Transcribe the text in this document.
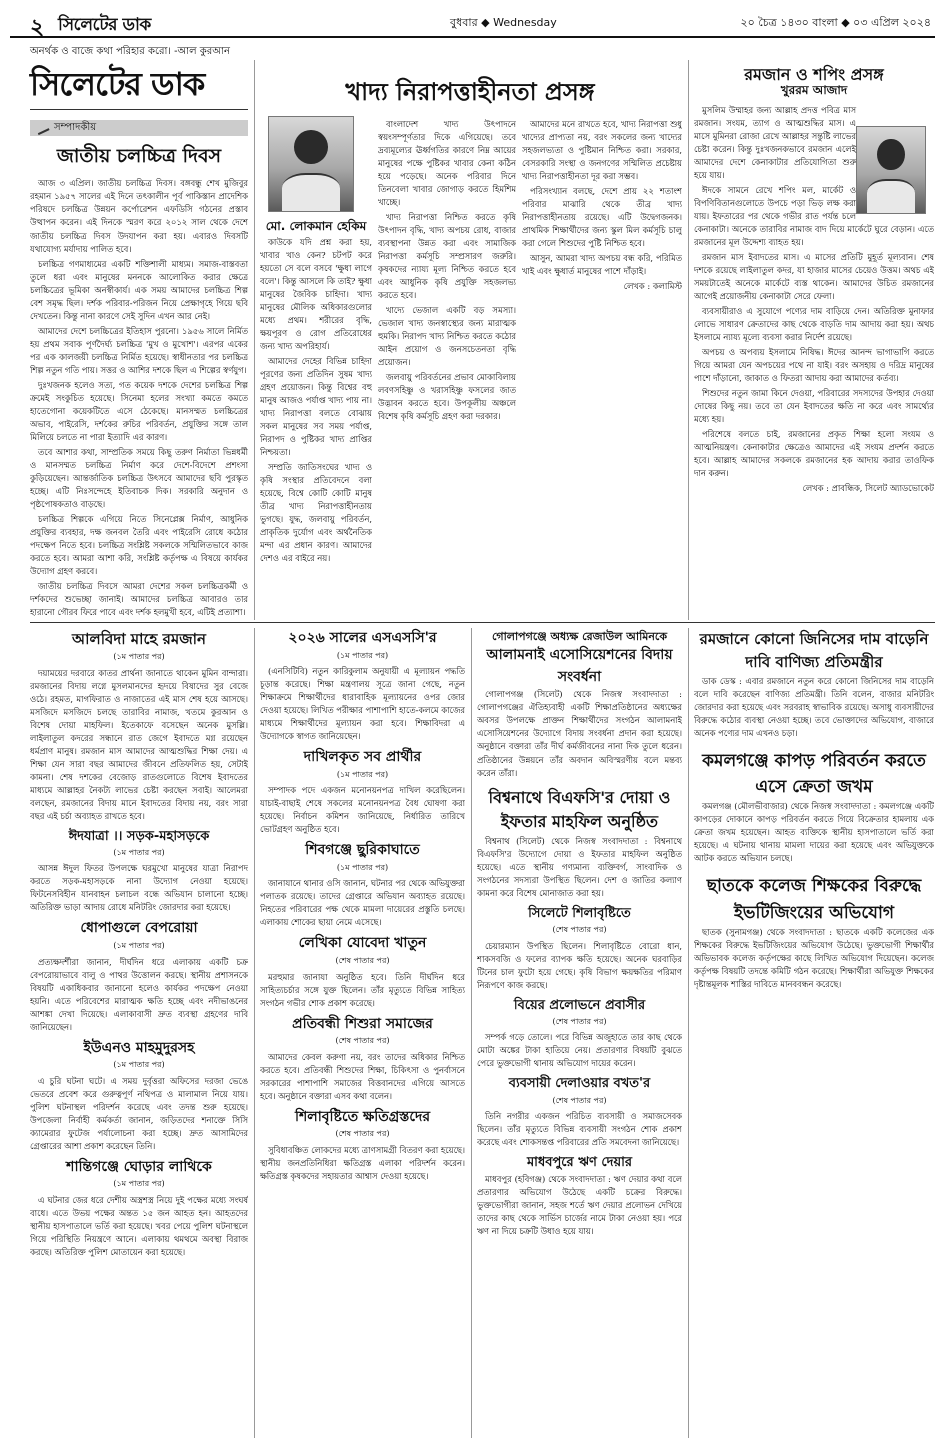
২ সিলেটের ডাক	বুধবার ◆ Wednesday	২০ চৈত্র ১৪৩০ বাংলা ◆ ০৩ এপ্রিল ২০২৪
অনর্থক ও বাজে কথা পরিহার করো। -আল কুরআন
সিলেটের ডাক
সম্পাদকীয়
জাতীয় চলচ্চিত্র দিবস

আজ ৩ এপ্রিল। জাতীয় চলচ্চিত্র দিবস। বঙ্গবন্ধু শেখ মুজিবুর রহমান ১৯৫৭ সালের এই দিনে তৎকালীন পূর্ব পাকিস্তান প্রাদেশিক পরিষদে চলচ্চিত্র উন্নয়ন কর্পোরেশন এফডিসি গঠনের প্রস্তাব উত্থাপন করেন। এই দিনকে স্মরণ করে ২০১২ সাল থেকে দেশে জাতীয় চলচ্চিত্র দিবস উদযাপন করা হয়। এবারও দিবসটি যথাযোগ্য মর্যাদায় পালিত হবে।

চলচ্চিত্র গণমাধ্যমের একটি শক্তিশালী মাধ্যম। সমাজ-বাস্তবতা তুলে ধরা এবং মানুষের মননকে আলোকিত করার ক্ষেত্রে চলচ্চিত্রের ভূমিকা অনস্বীকার্য। এক সময় আমাদের চলচ্চিত্র শিল্প বেশ সমৃদ্ধ ছিল। দর্শক পরিবার-পরিজন নিয়ে প্রেক্ষাগৃহে গিয়ে ছবি দেখতেন। কিন্তু নানা কারণে সেই সুদিন এখন আর নেই।

আমাদের দেশে চলচ্চিত্রের ইতিহাস পুরনো। ১৯৫৬ সালে নির্মিত হয় প্রথম সবাক পূর্ণদৈর্ঘ্য চলচ্চিত্র 'মুখ ও মুখোশ'। এরপর একের পর এক কালজয়ী চলচ্চিত্র নির্মিত হয়েছে। স্বাধীনতার পর চলচ্চিত্র শিল্প নতুন গতি পায়। সত্তর ও আশির দশকে ছিল এ শিল্পের স্বর্ণযুগ।

দুঃখজনক হলেও সত্য, গত কয়েক দশকে দেশের চলচ্চিত্র শিল্প ক্রমেই সংকুচিত হয়েছে। সিনেমা হলের সংখ্যা কমতে কমতে হাতেগোনা কয়েকটিতে এসে ঠেকেছে। মানসম্মত চলচ্চিত্রের অভাব, পাইরেসি, দর্শকের রুচির পরিবর্তন, প্রযুক্তির সঙ্গে তাল মিলিয়ে চলতে না পারা ইত্যাদি এর কারণ।

তবে আশার কথা, সাম্প্রতিক সময়ে কিছু তরুণ নির্মাতা ভিন্নধর্মী ও মানসম্মত চলচ্চিত্র নির্মাণ করে দেশে-বিদেশে প্রশংসা কুড়িয়েছেন। আন্তর্জাতিক চলচ্চিত্র উৎসবে আমাদের ছবি পুরস্কৃত হচ্ছে। এটি নিঃসন্দেহে ইতিবাচক দিক। সরকারি অনুদান ও পৃষ্ঠপোষকতাও বাড়ছে।

চলচ্চিত্র শিল্পকে এগিয়ে নিতে সিনেপ্লেক্স নির্মাণ, আধুনিক প্রযুক্তির ব্যবহার, দক্ষ জনবল তৈরি এবং পাইরেসি রোধে কঠোর পদক্ষেপ নিতে হবে। চলচ্চিত্র সংশ্লিষ্ট সকলকে সম্মিলিতভাবে কাজ করতে হবে। আমরা আশা করি, সংশ্লিষ্ট কর্তৃপক্ষ এ বিষয়ে কার্যকর উদ্যোগ গ্রহণ করবে।

জাতীয় চলচ্চিত্র দিবসে আমরা দেশের সকল চলচ্চিত্রকর্মী ও দর্শকদের শুভেচ্ছা জানাই। আমাদের চলচ্চিত্র আবারও তার হারানো গৌরব ফিরে পাবে এবং দর্শক হলমুখী হবে, এটিই প্রত্যাশা।

খাদ্য নিরাপত্তাহীনতা প্রসঙ্গ
মো. লোকমান হেকিম

কাউকে যদি প্রশ্ন করা হয়, খাবার খাও কেন? চটপট করে হয়তো সে বলে বসবে 'ক্ষুধা লাগে বলে'। কিন্তু আসলে কি তাই? ক্ষুধা মানুষের জৈবিক চাহিদা। খাদ্য মানুষের মৌলিক অধিকারগুলোর মধ্যে প্রথম। শরীরের বৃদ্ধি, ক্ষয়পূরণ ও রোগ প্রতিরোধের জন্য খাদ্য অপরিহার্য।

আমাদের দেহের বিভিন্ন চাহিদা পূরণের জন্য প্রতিদিন সুষম খাদ্য গ্রহণ প্রয়োজন। কিন্তু বিশ্বের বহু মানুষ আজও পর্যাপ্ত খাদ্য পায় না। খাদ্য নিরাপত্তা বলতে বোঝায় সকল মানুষের সব সময় পর্যাপ্ত, নিরাপদ ও পুষ্টিকর খাদ্য প্রাপ্তির নিশ্চয়তা।

সম্প্রতি জাতিসংঘের খাদ্য ও কৃষি সংস্থার প্রতিবেদনে বলা হয়েছে, বিশ্বে কোটি কোটি মানুষ তীব্র খাদ্য নিরাপত্তাহীনতায় ভুগছে। যুদ্ধ, জলবায়ু পরিবর্তন, প্রাকৃতিক দুর্যোগ এবং অর্থনৈতিক মন্দা এর প্রধান কারণ। আমাদের দেশও এর বাইরে নয়।

বাংলাদেশ খাদ্য উৎপাদনে স্বয়ংসম্পূর্ণতার দিকে এগিয়েছে। তবে দ্রব্যমূল্যের ঊর্ধ্বগতির কারণে নিম্ন আয়ের মানুষের পক্ষে পুষ্টিকর খাবার কেনা কঠিন হয়ে পড়েছে। অনেক পরিবার দিনে তিনবেলা খাবার জোগাড় করতে হিমশিম খাচ্ছে।

খাদ্য নিরাপত্তা নিশ্চিত করতে কৃষি উৎপাদন বৃদ্ধি, খাদ্য অপচয় রোধ, বাজার ব্যবস্থাপনা উন্নত করা এবং সামাজিক নিরাপত্তা কর্মসূচি সম্প্রসারণ জরুরি। কৃষকদের ন্যায্য মূল্য নিশ্চিত করতে হবে এবং আধুনিক কৃষি প্রযুক্তি সহজলভ্য করতে হবে।

খাদ্যে ভেজাল একটি বড় সমস্যা। ভেজাল খাদ্য জনস্বাস্থ্যের জন্য মারাত্মক হুমকি। নিরাপদ খাদ্য নিশ্চিত করতে কঠোর আইন প্রয়োগ ও জনসচেতনতা বৃদ্ধি প্রয়োজন।

জলবায়ু পরিবর্তনের প্রভাব মোকাবিলায় লবণসহিষ্ণু ও খরাসহিষ্ণু ফসলের জাত উদ্ভাবন করতে হবে। উপকূলীয় অঞ্চলে বিশেষ কৃষি কর্মসূচি গ্রহণ করা দরকার।

আমাদের মনে রাখতে হবে, খাদ্য নিরাপত্তা শুধু খাদ্যের প্রাপ্যতা নয়, বরং সকলের জন্য খাদ্যের সহজলভ্যতা ও পুষ্টিমান নিশ্চিত করা। সরকার, বেসরকারি সংস্থা ও জনগণের সম্মিলিত প্রচেষ্টায় খাদ্য নিরাপত্তাহীনতা দূর করা সম্ভব।

পরিসংখ্যান বলছে, দেশে প্রায় ২২ শতাংশ পরিবার মাঝারি থেকে তীব্র খাদ্য নিরাপত্তাহীনতায় রয়েছে। এটি উদ্বেগজনক। প্রাথমিক শিক্ষার্থীদের জন্য স্কুল মিল কর্মসূচি চালু করা গেলে শিশুদের পুষ্টি নিশ্চিত হবে।

আসুন, আমরা খাদ্য অপচয় বন্ধ করি, পরিমিত খাই এবং ক্ষুধার্ত মানুষের পাশে দাঁড়াই।

লেখক : কলামিস্ট

রমজান ও শপিং প্রসঙ্গ
খুররম আজাদ

মুসলিম উম্মাহর জন্য আল্লাহ প্রদত্ত পবিত্র মাস রমজান। সংযম, ত্যাগ ও আত্মশুদ্ধির মাস। এ মাসে মুমিনরা রোজা রেখে আল্লাহর সন্তুষ্টি লাভের চেষ্টা করেন। কিন্তু দুঃখজনকভাবে রমজান এলেই আমাদের দেশে কেনাকাটার প্রতিযোগিতা শুরু হয়ে যায়।

ঈদকে সামনে রেখে শপিং মল, মার্কেট ও বিপণিবিতানগুলোতে উপচে পড়া ভিড় লক্ষ করা যায়। ইফতারের পর থেকে গভীর রাত পর্যন্ত চলে কেনাকাটা। অনেকে তারাবির নামাজ বাদ দিয়ে মার্কেটে ঘুরে বেড়ান। এতে রমজানের মূল উদ্দেশ্য ব্যাহত হয়।

রমজান মাস ইবাদতের মাস। এ মাসের প্রতিটি মুহূর্ত মূল্যবান। শেষ দশকে রয়েছে লাইলাতুল কদর, যা হাজার মাসের চেয়েও উত্তম। অথচ এই সময়টাতেই অনেকে মার্কেটে ব্যস্ত থাকেন। আমাদের উচিত রমজানের আগেই প্রয়োজনীয় কেনাকাটা সেরে ফেলা।

ব্যবসায়ীরাও এ সুযোগে পণ্যের দাম বাড়িয়ে দেন। অতিরিক্ত মুনাফার লোভে সাধারণ ক্রেতাদের কাছ থেকে বাড়তি দাম আদায় করা হয়। অথচ ইসলামে ন্যায্য মূল্যে ব্যবসা করার নির্দেশ রয়েছে।

অপচয় ও অপব্যয় ইসলামে নিষিদ্ধ। ঈদের আনন্দ ভাগাভাগি করতে গিয়ে আমরা যেন অপচয়ের পথে না যাই। বরং অসহায় ও দরিদ্র মানুষের পাশে দাঁড়ানো, জাকাত ও ফিতরা আদায় করা আমাদের কর্তব্য।

শিশুদের নতুন জামা কিনে দেওয়া, পরিবারের সদস্যদের উপহার দেওয়া দোষের কিছু নয়। তবে তা যেন ইবাদতের ক্ষতি না করে এবং সামর্থ্যের মধ্যে হয়।

পরিশেষে বলতে চাই, রমজানের প্রকৃত শিক্ষা হলো সংযম ও আত্মনিয়ন্ত্রণ। কেনাকাটার ক্ষেত্রেও আমাদের এই সংযম প্রদর্শন করতে হবে। আল্লাহ আমাদের সকলকে রমজানের হক আদায় করার তাওফিক দান করুন।

লেখক : প্রাবন্ধিক, সিলেট অ্যাডভোকেট

আলবিদা মাহে রমজান
(১ম পাতার পর)

দয়াময়ের দরবারে কাতর প্রার্থনা জানাতে থাকেন মুমিন বান্দারা। রমজানের বিদায় লগ্নে মুসলমানদের হৃদয়ে বিষাদের সুর বেজে ওঠে। রহমত, মাগফিরাত ও নাজাতের এই মাস শেষ হয়ে আসছে। মসজিদে মসজিদে চলছে তারাবির নামাজ, খতমে কুরআন ও বিশেষ দোয়া মাহফিল। ইতেকাফে বসেছেন অনেক মুসল্লি। লাইলাতুল কদরের সন্ধানে রাত জেগে ইবাদতে মগ্ন রয়েছেন ধর্মপ্রাণ মানুষ। রমজান মাস আমাদের আত্মশুদ্ধির শিক্ষা দেয়। এ শিক্ষা যেন সারা বছর আমাদের জীবনে প্রতিফলিত হয়, সেটাই কামনা। শেষ দশকের বেজোড় রাতগুলোতে বিশেষ ইবাদতের মাধ্যমে আল্লাহর নৈকট্য লাভের চেষ্টা করছেন সবাই। আলেমরা বলছেন, রমজানের বিদায় মানে ইবাদতের বিদায় নয়, বরং সারা বছর এই চর্চা অব্যাহত রাখতে হবে।

ঈদযাত্রা ।। সড়ক-মহাসড়কে
(১ম পাতার পর)

আসন্ন ঈদুল ফিতর উপলক্ষে ঘরমুখো মানুষের যাত্রা নিরাপদ করতে সড়ক-মহাসড়কে নানা উদ্যোগ নেওয়া হয়েছে। ফিটনেসবিহীন যানবাহন চলাচল বন্ধে অভিযান চালানো হচ্ছে। অতিরিক্ত ভাড়া আদায় রোধে মনিটরিং জোরদার করা হয়েছে।

ধোপাগুলে বেপরোয়া
(১ম পাতার পর)

প্রত্যক্ষদর্শীরা জানান, দীর্ঘদিন ধরে এলাকায় একটি চক্র বেপরোয়াভাবে বালু ও পাথর উত্তোলন করছে। স্থানীয় প্রশাসনকে বিষয়টি একাধিকবার জানানো হলেও কার্যকর পদক্ষেপ নেওয়া হয়নি। এতে পরিবেশের মারাত্মক ক্ষতি হচ্ছে এবং নদীভাঙনের আশঙ্কা দেখা দিয়েছে। এলাকাবাসী দ্রুত ব্যবস্থা গ্রহণের দাবি জানিয়েছেন।

ইউএনও মাহমুদুরসহ
(১ম পাতার পর)

এ চুরি ঘটনা ঘটে। এ সময় দুর্বৃত্তরা অফিসের দরজা ভেঙে ভেতরে প্রবেশ করে গুরুত্বপূর্ণ নথিপত্র ও মালামাল নিয়ে যায়। পুলিশ ঘটনাস্থল পরিদর্শন করেছে এবং তদন্ত শুরু হয়েছে। উপজেলা নির্বাহী কর্মকর্তা জানান, জড়িতদের শনাক্তে সিসি ক্যামেরার ফুটেজ পর্যালোচনা করা হচ্ছে। দ্রুত আসামিদের গ্রেপ্তারের আশা প্রকাশ করেছেন তিনি।

শান্তিগঞ্জে ঘোড়ার লাথিকে
(১ম পাতার পর)

এ ঘটনার জের ধরে দেশীয় অস্ত্রশস্ত্র নিয়ে দুই পক্ষের মধ্যে সংঘর্ষ বাধে। এতে উভয় পক্ষের অন্তত ১৫ জন আহত হন। আহতদের স্থানীয় হাসপাতালে ভর্তি করা হয়েছে। খবর পেয়ে পুলিশ ঘটনাস্থলে গিয়ে পরিস্থিতি নিয়ন্ত্রণে আনে। এলাকায় থমথমে অবস্থা বিরাজ করছে। অতিরিক্ত পুলিশ মোতায়েন করা হয়েছে।

২০২৬ সালের এসএসসি'র
(১ম পাতার পর)

(এনসিটিবি) নতুন কারিকুলাম অনুযায়ী এ মূল্যায়ন পদ্ধতি চূড়ান্ত করেছে। শিক্ষা মন্ত্রণালয় সূত্রে জানা গেছে, নতুন শিক্ষাক্রমে শিক্ষার্থীদের ধারাবাহিক মূল্যায়নের ওপর জোর দেওয়া হয়েছে। লিখিত পরীক্ষার পাশাপাশি হাতে-কলমে কাজের মাধ্যমে শিক্ষার্থীদের মূল্যায়ন করা হবে। শিক্ষাবিদরা এ উদ্যোগকে স্বাগত জানিয়েছেন।

দাখিলকৃত সব প্রার্থীর
(১ম পাতার পর)

সম্পাদক পদে একজন মনোনয়নপত্র দাখিল করেছিলেন। যাচাই-বাছাই শেষে সকলের মনোনয়নপত্র বৈধ ঘোষণা করা হয়েছে। নির্বাচন কমিশন জানিয়েছে, নির্ধারিত তারিখে ভোটগ্রহণ অনুষ্ঠিত হবে।

শিবগঞ্জে ছুরিকাঘাতে
(১ম পাতার পর)

জানাযানে থানার ওসি জানান, ঘটনার পর থেকে অভিযুক্তরা পলাতক রয়েছে। তাদের গ্রেপ্তারে অভিযান অব্যাহত রয়েছে। নিহতের পরিবারের পক্ষ থেকে মামলা দায়েরের প্রস্তুতি চলছে। এলাকায় শোকের ছায়া নেমে এসেছে।

লেখিকা যোবেদা খাতুন
(শেষ পাতার পর)

মরহুমার জানাযা অনুষ্ঠিত হবে। তিনি দীর্ঘদিন ধরে সাহিত্যচর্চার সঙ্গে যুক্ত ছিলেন। তাঁর মৃত্যুতে বিভিন্ন সাহিত্য সংগঠন গভীর শোক প্রকাশ করেছে।

প্রতিবন্ধী শিশুরা সমাজের
(শেষ পাতার পর)

আমাদের কেবল করুণা নয়, বরং তাদের অধিকার নিশ্চিত করতে হবে। প্রতিবন্ধী শিশুদের শিক্ষা, চিকিৎসা ও পুনর্বাসনে সরকারের পাশাপাশি সমাজের বিত্তবানদের এগিয়ে আসতে হবে। অনুষ্ঠানে বক্তারা এসব কথা বলেন।

শিলাবৃষ্টিতে ক্ষতিগ্রস্তদের
(শেষ পাতার পর)

সুবিধাবঞ্চিত লোকদের মধ্যে ত্রাণসামগ্রী বিতরণ করা হয়েছে। স্থানীয় জনপ্রতিনিধিরা ক্ষতিগ্রস্ত এলাকা পরিদর্শন করেন। ক্ষতিগ্রস্ত কৃষকদের সহায়তার আশ্বাস দেওয়া হয়েছে।

গোলাপগঞ্জে অধ্যক্ষ রেজাউল আমিনকে
আলামনাই এসোসিয়েশনের বিদায় সংবর্ধনা

গোলাপগঞ্জ (সিলেট) থেকে নিজস্ব সংবাদদাতা : গোলাপগঞ্জের ঐতিহ্যবাহী একটি শিক্ষাপ্রতিষ্ঠানের অধ্যক্ষের অবসর উপলক্ষে প্রাক্তন শিক্ষার্থীদের সংগঠন আলামনাই এসোসিয়েশনের উদ্যোগে বিদায় সংবর্ধনা প্রদান করা হয়েছে। অনুষ্ঠানে বক্তারা তাঁর দীর্ঘ কর্মজীবনের নানা দিক তুলে ধরেন। প্রতিষ্ঠানের উন্নয়নে তাঁর অবদান অবিস্মরণীয় বলে মন্তব্য করেন তাঁরা।

বিশ্বনাথে বিএফসি'র দোয়া ও ইফতার মাহফিল অনুষ্ঠিত

বিশ্বনাথ (সিলেট) থেকে নিজস্ব সংবাদদাতা : বিশ্বনাথে বিএফসি'র উদ্যোগে দোয়া ও ইফতার মাহফিল অনুষ্ঠিত হয়েছে। এতে স্থানীয় গণ্যমান্য ব্যক্তিবর্গ, সাংবাদিক ও সংগঠনের সদস্যরা উপস্থিত ছিলেন। দেশ ও জাতির কল্যাণ কামনা করে বিশেষ মোনাজাত করা হয়।

সিলেটে শিলাবৃষ্টিতে
(শেষ পাতার পর)

চেয়ারম্যান উপস্থিত ছিলেন। শিলাবৃষ্টিতে বোরো ধান, শাকসবজি ও ফলের ব্যাপক ক্ষতি হয়েছে। অনেক ঘরবাড়ির টিনের চাল ফুটো হয়ে গেছে। কৃষি বিভাগ ক্ষয়ক্ষতির পরিমাণ নিরূপণে কাজ করছে।

বিয়ের প্রলোভনে প্রবাসীর
(শেষ পাতার পর)

সম্পর্ক গড়ে তোলে। পরে বিভিন্ন অজুহাতে তার কাছ থেকে মোটা অঙ্কের টাকা হাতিয়ে নেয়। প্রতারণার বিষয়টি বুঝতে পেরে ভুক্তভোগী থানায় অভিযোগ দায়ের করেন।

ব্যবসায়ী দেলাওয়ার বখত'র
(শেষ পাতার পর)

তিনি নগরীর একজন পরিচিত ব্যবসায়ী ও সমাজসেবক ছিলেন। তাঁর মৃত্যুতে বিভিন্ন ব্যবসায়ী সংগঠন শোক প্রকাশ করেছে এবং শোকসন্তপ্ত পরিবারের প্রতি সমবেদনা জানিয়েছে।

মাধবপুরে ঋণ দেয়ার

মাধবপুর (হবিগঞ্জ) থেকে সংবাদদাতা : ঋণ দেয়ার কথা বলে প্রতারণার অভিযোগ উঠেছে একটি চক্রের বিরুদ্ধে। ভুক্তভোগীরা জানান, সহজ শর্তে ঋণ দেয়ার প্রলোভন দেখিয়ে তাদের কাছ থেকে সার্ভিস চার্জের নামে টাকা নেওয়া হয়। পরে ঋণ না দিয়ে চক্রটি উধাও হয়ে যায়।

রমজানে কোনো জিনিসের দাম বাড়েনি দাবি বাণিজ্য প্রতিমন্ত্রীর

ডাক ডেস্ক : এবার রমজানে নতুন করে কোনো জিনিসের দাম বাড়েনি বলে দাবি করেছেন বাণিজ্য প্রতিমন্ত্রী। তিনি বলেন, বাজার মনিটরিং জোরদার করা হয়েছে এবং সরবরাহ স্বাভাবিক রয়েছে। অসাধু ব্যবসায়ীদের বিরুদ্ধে কঠোর ব্যবস্থা নেওয়া হচ্ছে। তবে ভোক্তাদের অভিযোগ, বাজারে অনেক পণ্যের দাম এখনও চড়া।

কমলগঞ্জে কাপড় পরিবর্তন করতে এসে ক্রেতা জখম

কমলগঞ্জ (মৌলভীবাজার) থেকে নিজস্ব সংবাদদাতা : কমলগঞ্জে একটি কাপড়ের দোকানে কাপড় পরিবর্তন করতে গিয়ে বিক্রেতার হামলায় এক ক্রেতা জখম হয়েছেন। আহত ব্যক্তিকে স্থানীয় হাসপাতালে ভর্তি করা হয়েছে। এ ঘটনায় থানায় মামলা দায়ের করা হয়েছে এবং অভিযুক্তকে আটক করতে অভিযান চলছে।

ছাতকে কলেজ শিক্ষকের বিরুদ্ধে ইভটিজিংয়ের অভিযোগ

ছাতক (সুনামগঞ্জ) থেকে সংবাদদাতা : ছাতকে একটি কলেজের এক শিক্ষকের বিরুদ্ধে ইভটিজিংয়ের অভিযোগ উঠেছে। ভুক্তভোগী শিক্ষার্থীর অভিভাবক কলেজ কর্তৃপক্ষের কাছে লিখিত অভিযোগ দিয়েছেন। কলেজ কর্তৃপক্ষ বিষয়টি তদন্তে কমিটি গঠন করেছে। শিক্ষার্থীরা অভিযুক্ত শিক্ষকের দৃষ্টান্তমূলক শাস্তির দাবিতে মানববন্ধন করেছে।
